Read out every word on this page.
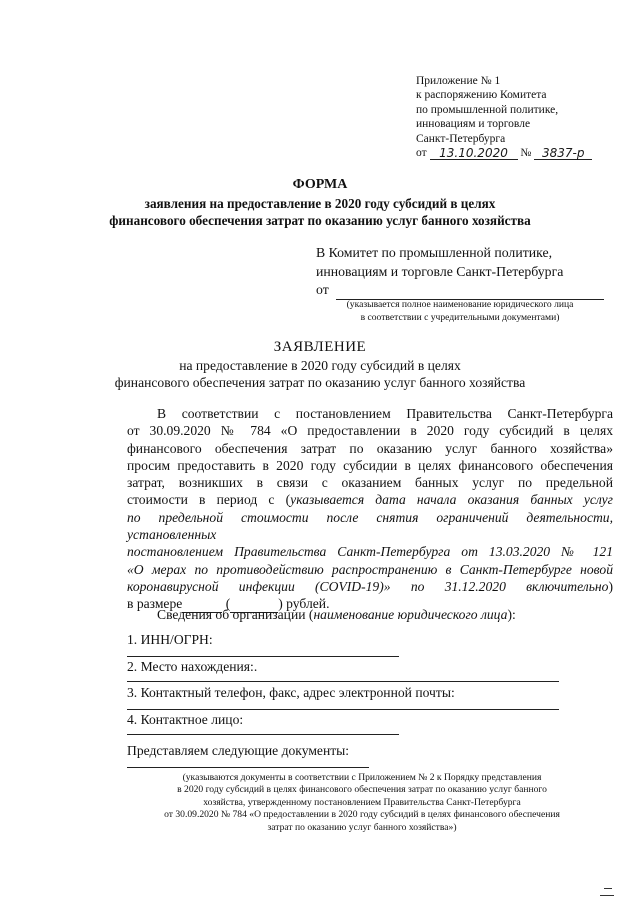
Приложение № 1
к распоряжению Комитета
по промышленной политике,
инновациям и торговле
Санкт-Петербурга
от 13.10.2020 № 3837-р
ФОРМА
заявления на предоставление в 2020 году субсидий в целях
финансового обеспечения затрат по оказанию услуг банного хозяйства
В Комитет по промышленной политике,
инновациям и торговле Санкт-Петербурга
от
(указывается полное наименование юридического лица
в соответствии с учредительными документами)
ЗАЯВЛЕНИЕ
на предоставление в 2020 году субсидий в целях
финансового обеспечения затрат по оказанию услуг банного хозяйства
В соответствии с постановлением Правительства Санкт-Петербурга
от 30.09.2020 № 784 «О предоставлении в 2020 году субсидий в целях
финансового обеспечения затрат по оказанию услуг банного хозяйства»
просим предоставить в 2020 году субсидии в целях финансового обеспечения
затрат, возникших в связи с оказанием банных услуг по предельной
стоимости в период с (указывается дата начала оказания банных услуг
по предельной стоимости после снятия ограничений деятельности, установленных
постановлением Правительства Санкт-Петербурга от 13.03.2020 № 121
«О мерах по противодействию распространению в Санкт-Петербурге новой
коронавирусной инфекции (COVID-19)» по 31.12.2020 включительно)
в размере	(	) рублей.
Сведения об организации (наименование юридического лица):
1. ИНН/ОГРН:
2. Место нахождения:.
3. Контактный телефон, факс, адрес электронной почты:
4. Контактное лицо:
Представляем следующие документы:
(указываются документы в соответствии с Приложением № 2 к Порядку представления
в 2020 году субсидий в целях финансового обеспечения затрат по оказанию услуг банного
хозяйства, утвержденному постановлением Правительства Санкт-Петербурга
от 30.09.2020 № 784 «О предоставлении в 2020 году субсидий в целях финансового обеспечения
затрат по оказанию услуг банного хозяйства»)
